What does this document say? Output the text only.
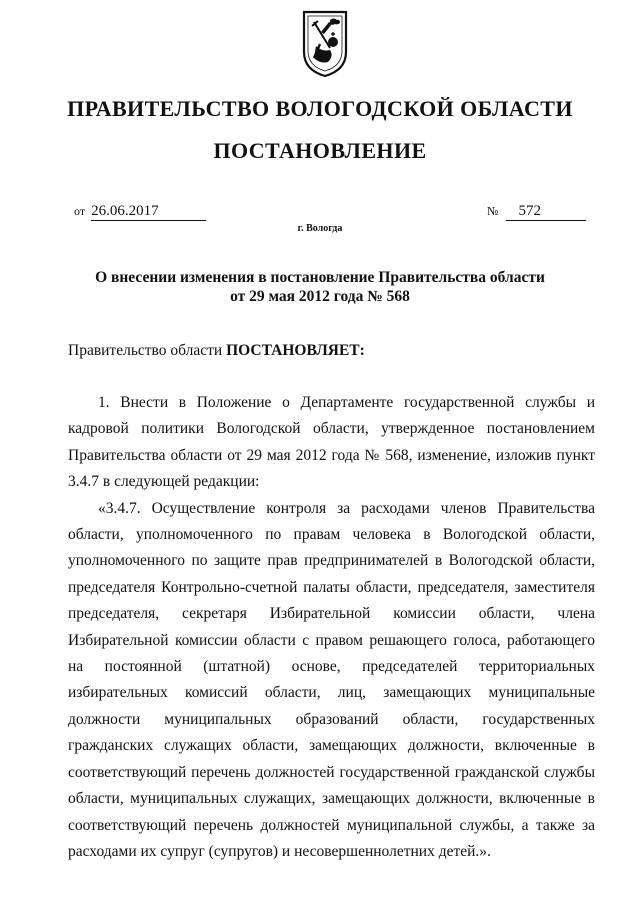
ПРАВИТЕЛЬСТВО ВОЛОГОДСКОЙ ОБЛАСТИ
ПОСТАНОВЛЕНИЕ
от 26.06.2017	№ 572
г. Вологда
О внесении изменения в постановление Правительства области
от 29 мая 2012 года № 568
Правительство области ПОСТАНОВЛЯЕТ:

1. Внести в Положение о Департаменте государственной службы и кадровой политики Вологодской области, утвержденное постановлением Правительства области от 29 мая 2012 года № 568, изменение, изложив пункт 3.4.7 в следующей редакции:

«3.4.7. Осуществление контроля за расходами членов Правительства области, уполномоченного по правам человека в Вологодской области, уполномоченного по защите прав предпринимателей в Вологодской области, председателя Контрольно-счетной палаты области, председателя, заместителя председателя, секретаря Избирательной комиссии области, члена Избирательной комиссии области с правом решающего голоса, работающего на постоянной (штатной) основе, председателей территориальных избирательных комиссий области, лиц, замещающих муниципальные должности муниципальных образований области, государственных гражданских служащих области, замещающих должности, включенные в соответствующий перечень должностей государственной гражданской службы области, муниципальных служащих, замещающих должности, включенные в соответствующий перечень должностей муниципальной службы, а также за расходами их супруг (супругов) и несовершеннолетних детей.».
